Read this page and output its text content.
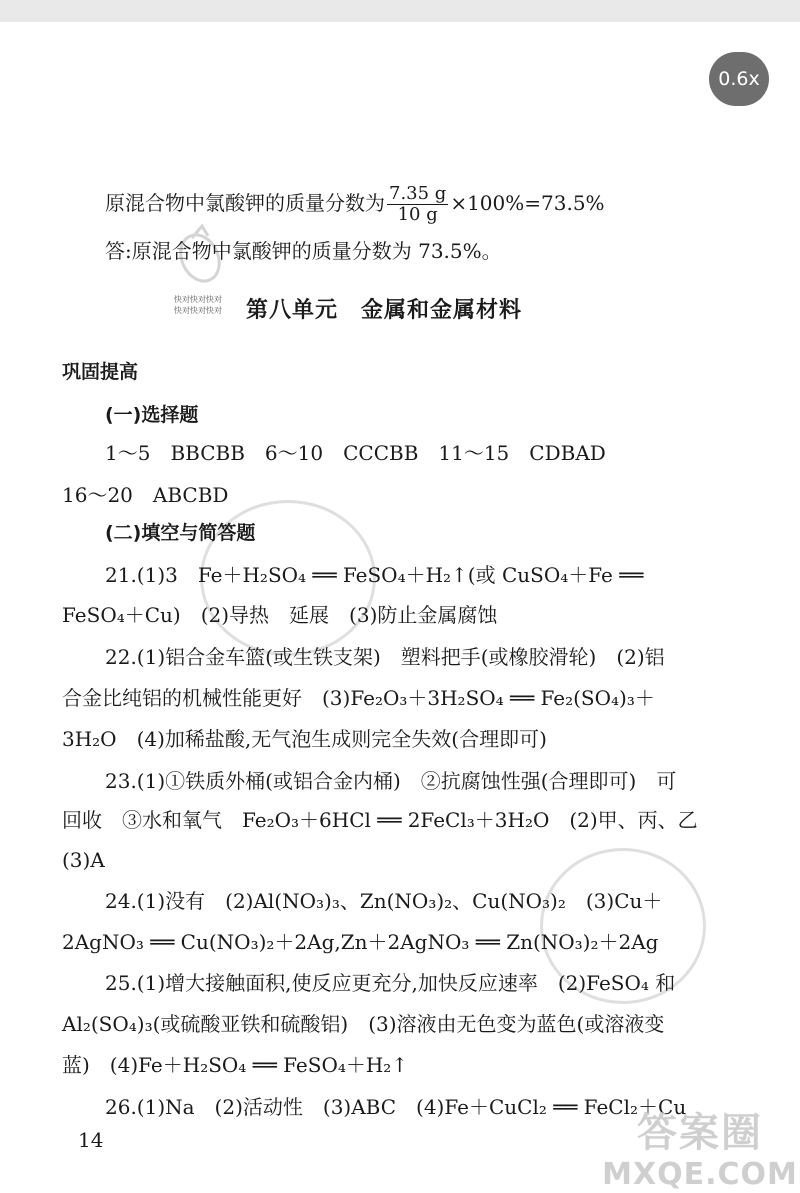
0.6x
原混合物中氯酸钾的质量分数为 $\frac{7.35 g}{10 g} \times 100\%=73.5\%$
答:原混合物中氯酸钾的质量分数为 73.5%。
快对快对快对
快对快对快对 第八单元　金属和金属材料
巩固提高
(一)选择题
1～5　BBCBB　6～10　CCCBB　11～15　CDBAD
16～20　ABCBD
(二)填空与简答题
21.(1)3　Fe＋H₂SO₄ ══ FeSO₄＋H₂↑(或 CuSO₄＋Fe ══
FeSO₄＋Cu)　(2)导热　延展　(3)防止金属腐蚀
22.(1)铝合金车篮(或生铁支架)　塑料把手(或橡胶滑轮)　(2)铝
合金比纯铝的机械性能更好　(3)Fe₂O₃＋3H₂SO₄ ══ Fe₂(SO₄)₃＋
3H₂O　(4)加稀盐酸,无气泡生成则完全失效(合理即可)
23.(1)①铁质外桶(或铝合金内桶)　②抗腐蚀性强(合理即可)　可
回收　③水和氧气　Fe₂O₃＋6HCl ══ 2FeCl₃＋3H₂O　(2)甲、丙、乙
(3)A
24.(1)没有　(2)Al(NO₃)₃、Zn(NO₃)₂、Cu(NO₃)₂　(3)Cu＋
2AgNO₃ ══ Cu(NO₃)₂＋2Ag,Zn＋2AgNO₃ ══ Zn(NO₃)₂＋2Ag
25.(1)增大接触面积,使反应更充分,加快反应速率　(2)FeSO₄ 和
Al₂(SO₄)₃(或硫酸亚铁和硫酸铝)　(3)溶液由无色变为蓝色(或溶液变
蓝)　(4)Fe＋H₂SO₄ ══ FeSO₄＋H₂↑
26.(1)Na　(2)活动性　(3)ABC　(4)Fe＋CuCl₂ ══ FeCl₂＋Cu
14	答案圈
MXQE.COM
